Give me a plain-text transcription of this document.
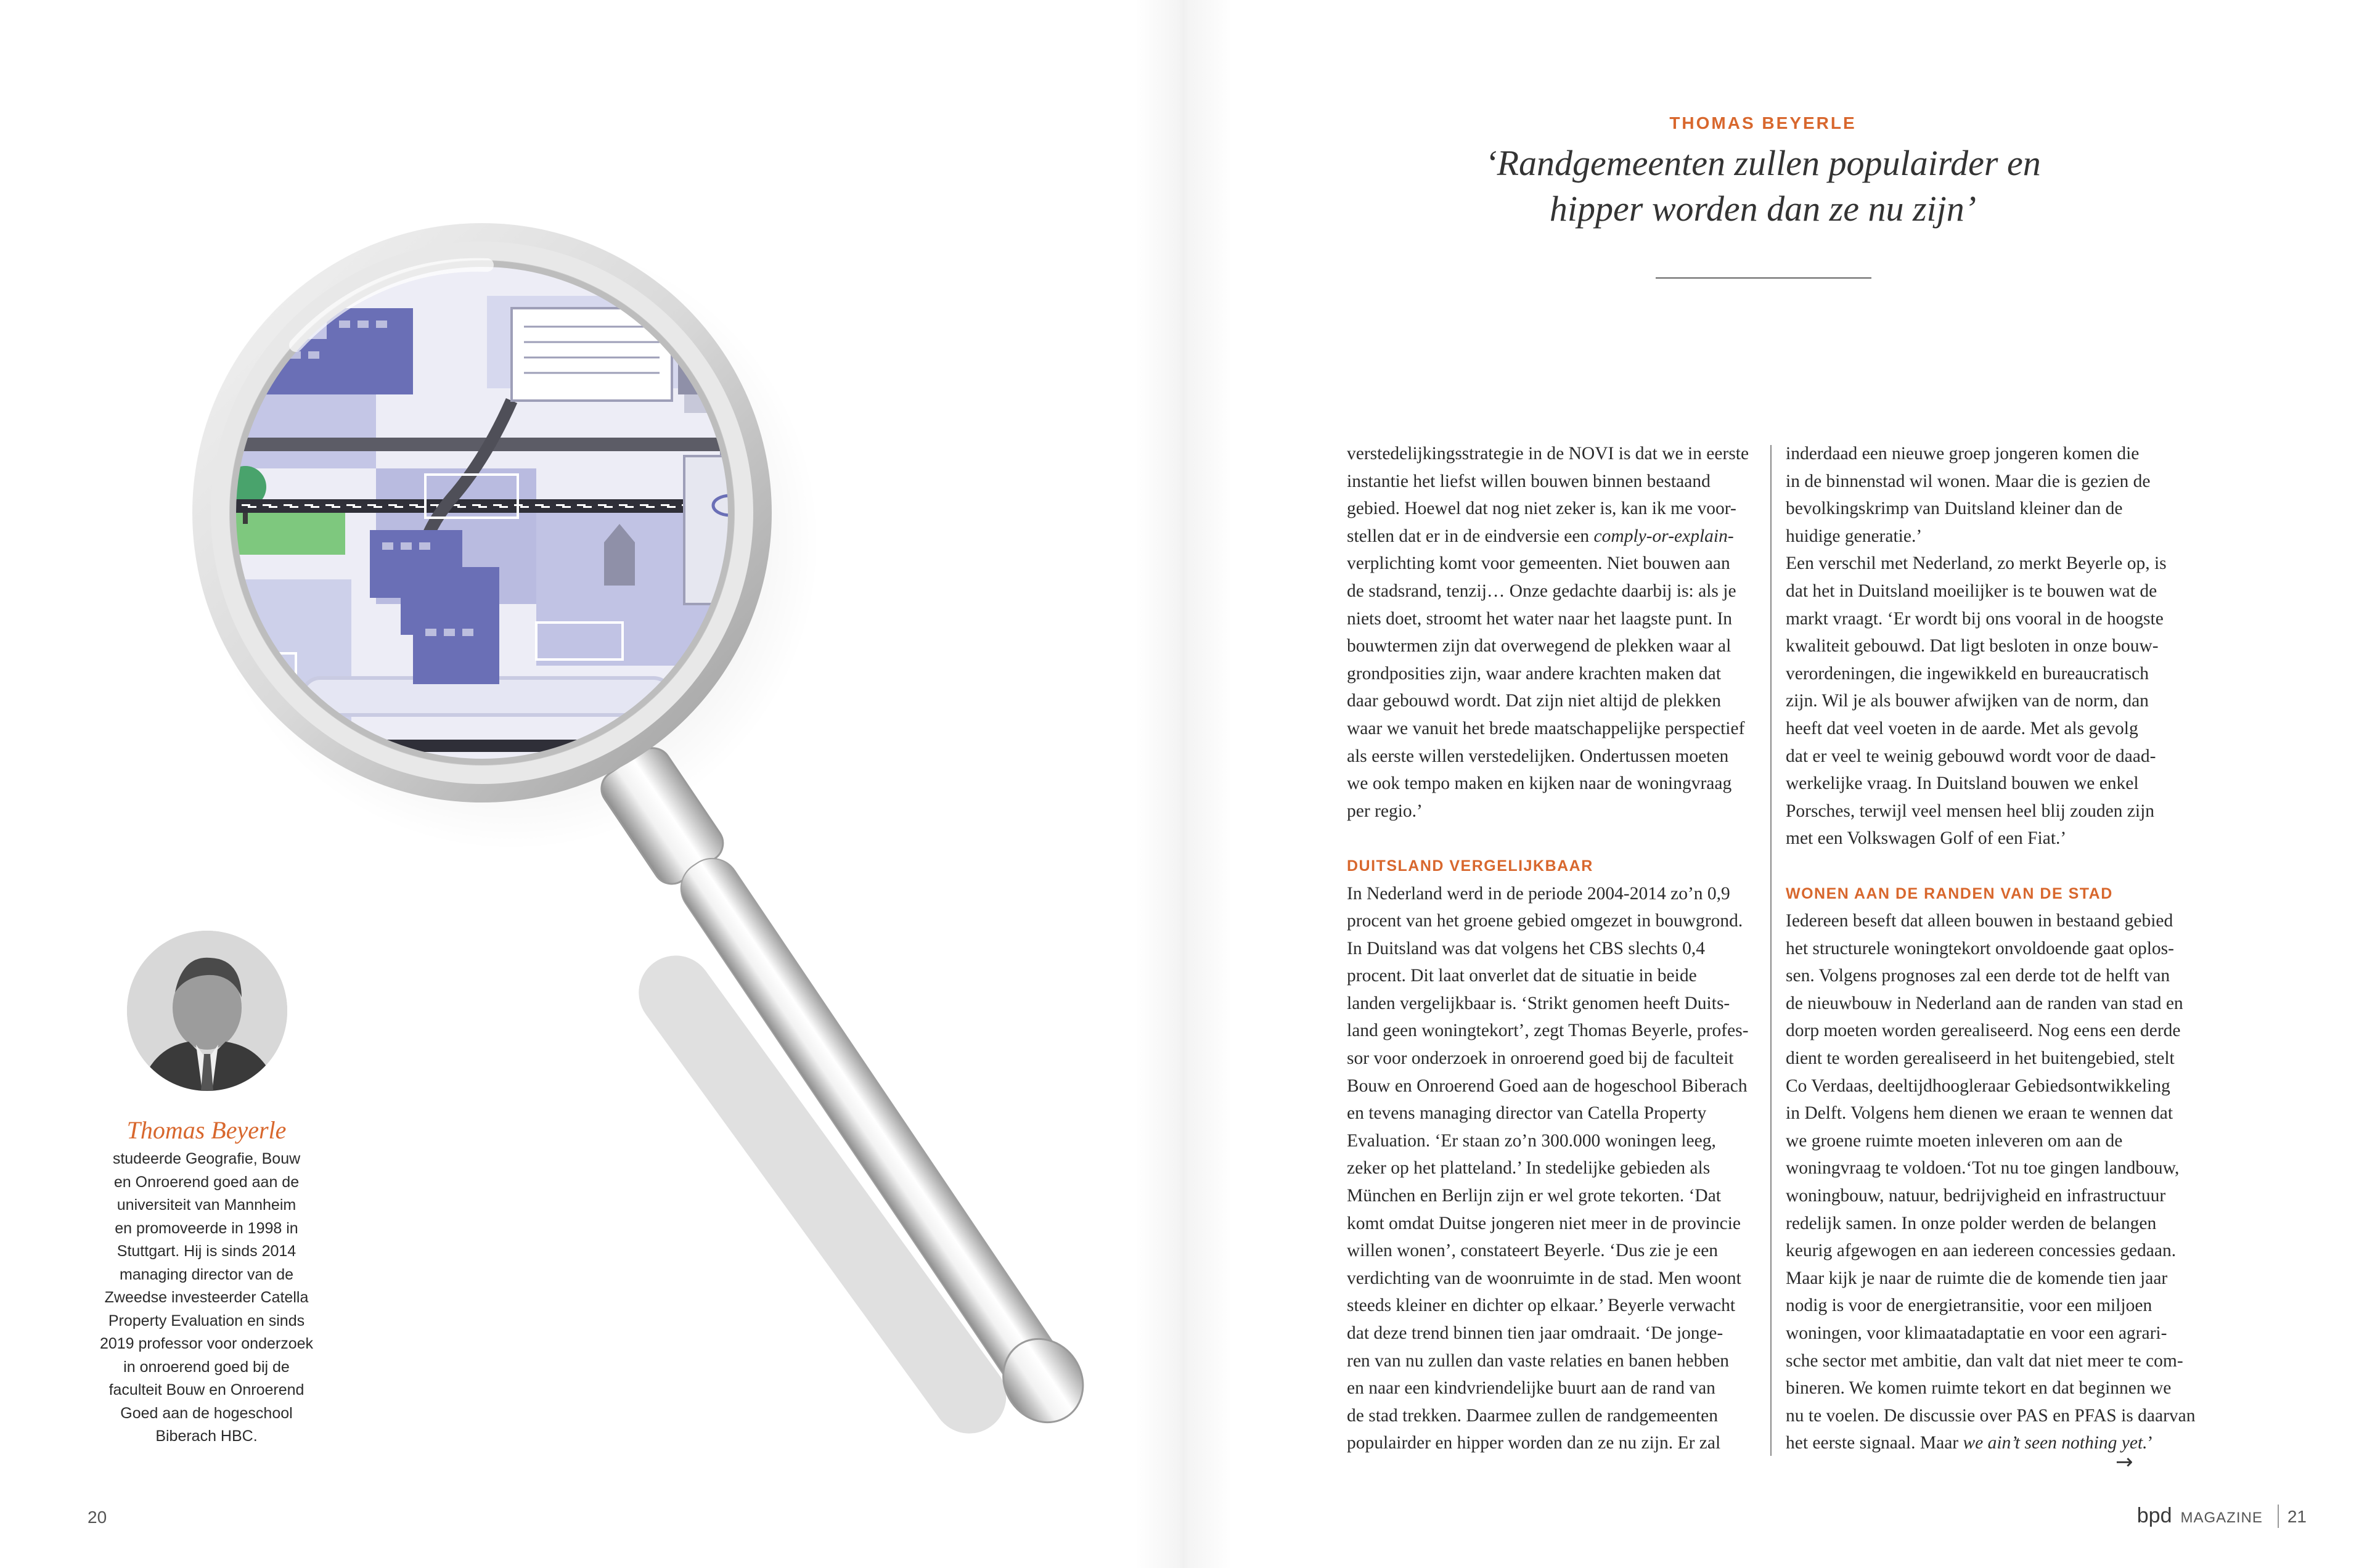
Thomas Beyerle
studeerde Geografie, Bouw
en Onroerend goed aan de
universiteit van Mannheim
en promoveerde in 1998 in
Stuttgart. Hij is sinds 2014
managing director van de
Zweedse investeerder Catella
Property Evaluation en sinds
2019 professor voor onderzoek
in onroerend goed bij de
faculteit Bouw en Onroerend
Goed aan de hogeschool
Biberach HBC.
20
THOMAS BEYERLE
‘Randgemeenten zullen populairder en
hipper worden dan ze nu zijn’
verstedelijkingsstrategie in de NOVI is dat we in eerste
instantie het liefst willen bouwen binnen bestaand
gebied. Hoewel dat nog niet zeker is, kan ik me voor-
stellen dat er in de eindversie een comply-or-explain-
verplichting komt voor gemeenten. Niet bouwen aan
de stadsrand, tenzij… Onze gedachte daarbij is: als je
niets doet, stroomt het water naar het laagste punt. In
bouwtermen zijn dat overwegend de plekken waar al
grondposities zijn, waar andere krachten maken dat
daar gebouwd wordt. Dat zijn niet altijd de plekken
waar we vanuit het brede maatschappelijke perspectief
als eerste willen verstedelijken. Ondertussen moeten
we ook tempo maken en kijken naar de woningvraag
per regio.’
DUITSLAND VERGELIJKBAAR
In Nederland werd in de periode 2004-2014 zo’n 0,9
procent van het groene gebied omgezet in bouwgrond.
In Duitsland was dat volgens het CBS slechts 0,4
procent. Dit laat onverlet dat de situatie in beide
landen vergelijkbaar is. ‘Strikt genomen heeft Duits-
land geen woningtekort’, zegt Thomas Beyerle, profes-
sor voor onderzoek in onroerend goed bij de faculteit
Bouw en Onroerend Goed aan de hogeschool Biberach
en tevens managing director van Catella Property
Evaluation. ‘Er staan zo’n 300.000 woningen leeg,
zeker op het platteland.’ In stedelijke gebieden als
München en Berlijn zijn er wel grote tekorten. ‘Dat
komt omdat Duitse jongeren niet meer in de provincie
willen wonen’, constateert Beyerle. ‘Dus zie je een
verdichting van de woonruimte in de stad. Men woont
steeds kleiner en dichter op elkaar.’ Beyerle verwacht
dat deze trend binnen tien jaar omdraait. ‘De jonge-
ren van nu zullen dan vaste relaties en banen hebben
en naar een kindvriendelijke buurt aan de rand van
de stad trekken. Daarmee zullen de randgemeenten
populairder en hipper worden dan ze nu zijn. Er zal
inderdaad een nieuwe groep jongeren komen die
in de binnenstad wil wonen. Maar die is gezien de
bevolkingskrimp van Duitsland kleiner dan de
huidige generatie.’
Een verschil met Nederland, zo merkt Beyerle op, is
dat het in Duitsland moeilijker is te bouwen wat de
markt vraagt. ‘Er wordt bij ons vooral in de hoogste
kwaliteit gebouwd. Dat ligt besloten in onze bouw-
verordeningen, die ingewikkeld en bureaucratisch
zijn. Wil je als bouwer afwijken van de norm, dan
heeft dat veel voeten in de aarde. Met als gevolg
dat er veel te weinig gebouwd wordt voor de daad-
werkelijke vraag. In Duitsland bouwen we enkel
Porsches, terwijl veel mensen heel blij zouden zijn
met een Volkswagen Golf of een Fiat.’
WONEN AAN DE RANDEN VAN DE STAD
Iedereen beseft dat alleen bouwen in bestaand gebied
het structurele woningtekort onvoldoende gaat oplos-
sen. Volgens prognoses zal een derde tot de helft van
de nieuwbouw in Nederland aan de randen van stad en
dorp moeten worden gerealiseerd. Nog eens een derde
dient te worden gerealiseerd in het buitengebied, stelt
Co Verdaas, deeltijdhoogleraar Gebiedsontwikkeling
in Delft. Volgens hem dienen we eraan te wennen dat
we groene ruimte moeten inleveren om aan de
woningvraag te voldoen.‘Tot nu toe gingen landbouw,
woningbouw, natuur, bedrijvigheid en infrastructuur
redelijk samen. In onze polder werden de belangen
keurig afgewogen en aan iedereen concessies gedaan.
Maar kijk je naar de ruimte die de komende tien jaar
nodig is voor de energietransitie, voor een miljoen
woningen, voor klimaatadaptatie en voor een agrari-
sche sector met ambitie, dan valt dat niet meer te com-
bineren. We komen ruimte tekort en dat beginnen we
nu te voelen. De discussie over PAS en PFAS is daarvan
het eerste signaal. Maar we ain’t seen nothing yet.’
→
bpd MAGAZINE 21
